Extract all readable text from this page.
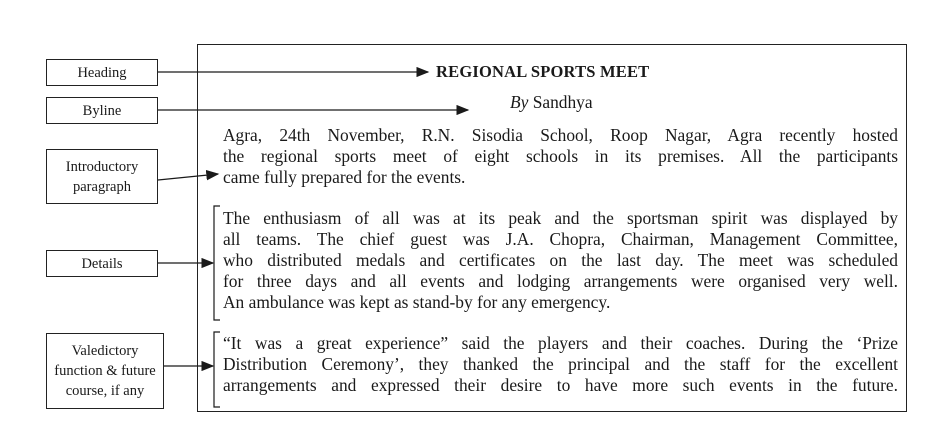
Heading
Byline
Introductory
paragraph
Details
Valedictory
function & future
course, if any
REGIONAL SPORTS MEET
By Sandhya
Agra, 24th November, R.N. Sisodia School, Roop Nagar, Agra recently hosted
the regional sports meet of eight schools in its premises. All the participants
came fully prepared for the events.
The enthusiasm of all was at its peak and the sportsman spirit was displayed by
all teams. The chief guest was J.A. Chopra, Chairman, Management Committee,
who distributed medals and certificates on the last day. The meet was scheduled
for three days and all events and lodging arrangements were organised very well.
An ambulance was kept as stand-by for any emergency.
“It was a great experience” said the players and their coaches. During the ‘Prize
Distribution Ceremony’, they thanked the principal and the staff for the excellent
arrangements and expressed their desire to have more such events in the future.
